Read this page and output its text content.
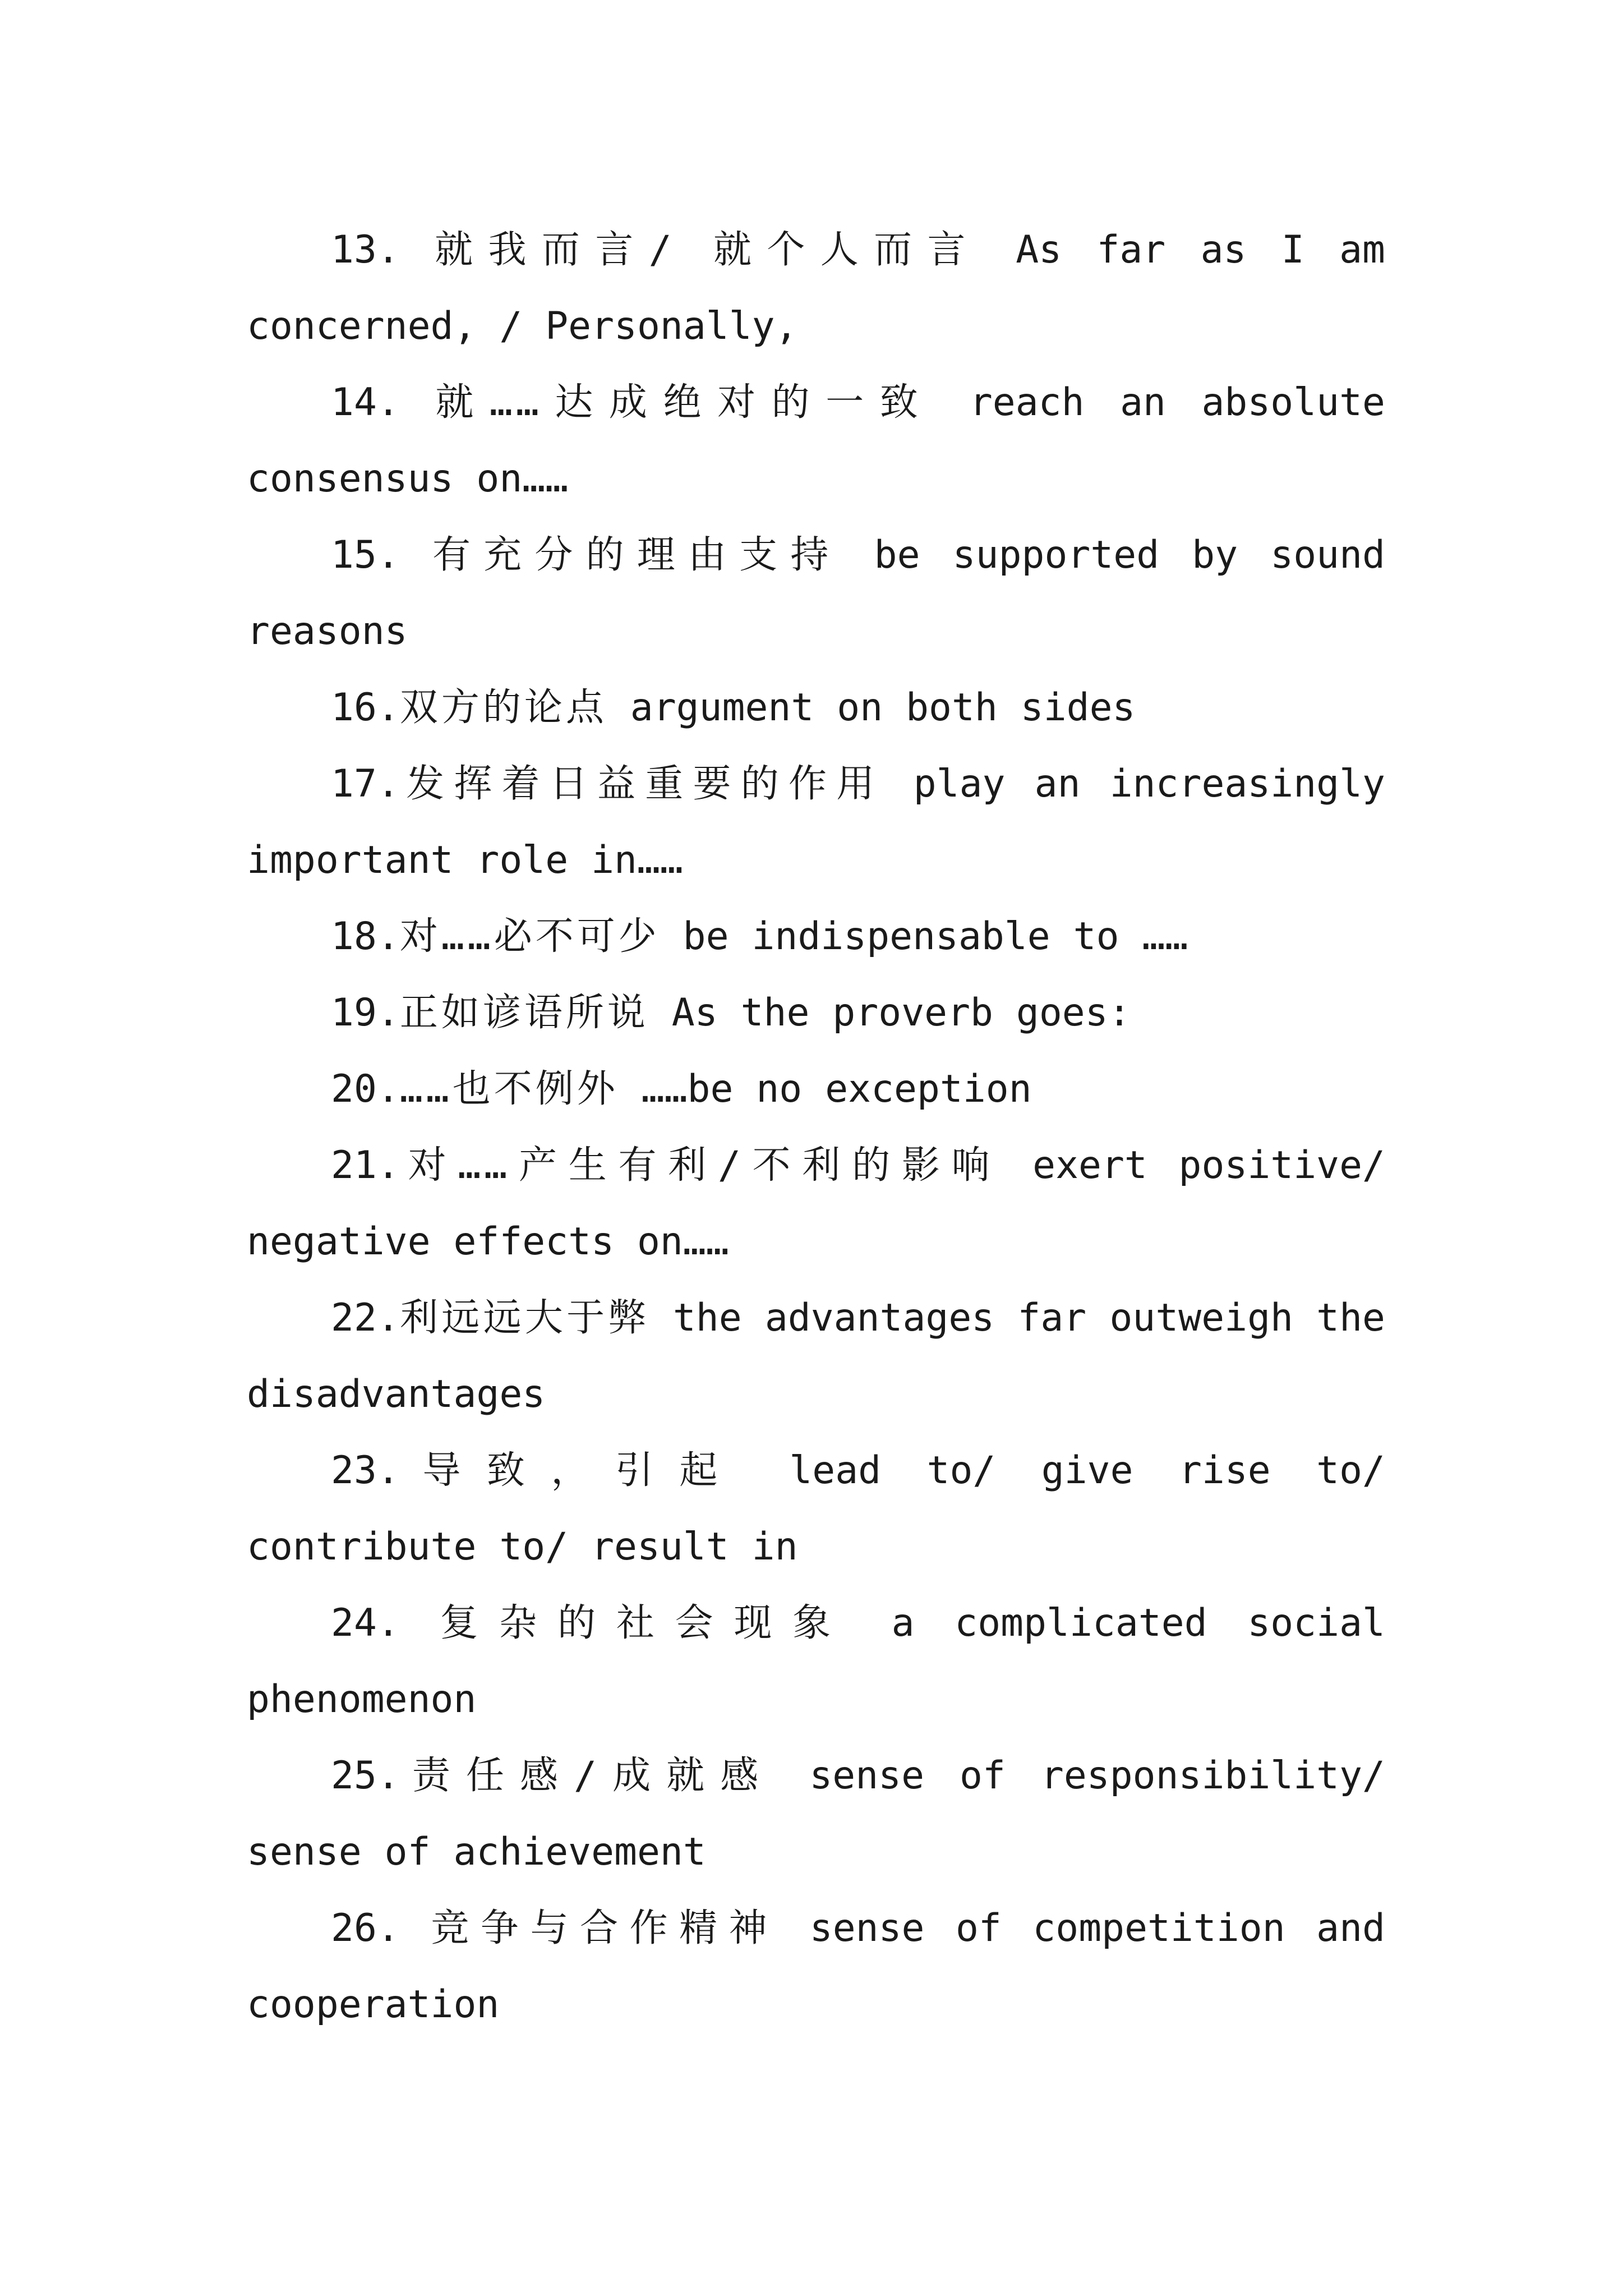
13. 就我而言/ 就个人而言 As far as I am concerned, / Personally,

14. 就……达成绝对的一致 reach an absolute consensus on……

15. 有充分的理由支持 be supported by sound reasons

16.双方的论点 argument on both sides

17.发挥着日益重要的作用 play an increasingly important role in……

18.对……必不可少 be indispensable to ……

19.正如谚语所说 As the proverb goes:

20.……也不例外 ……be no exception

21.对……产生有利/不利的影响 exert positive/ negative effects on……

22.利远远大于弊 the advantages far outweigh the disadvantages

23.导致，引起 lead to/ give rise to/ contribute to/ result in

24. 复杂的社会现象 a complicated social phenomenon

25.责任感/成就感 sense of responsibility/ sense of achievement

26. 竞争与合作精神 sense of competition and cooperation
